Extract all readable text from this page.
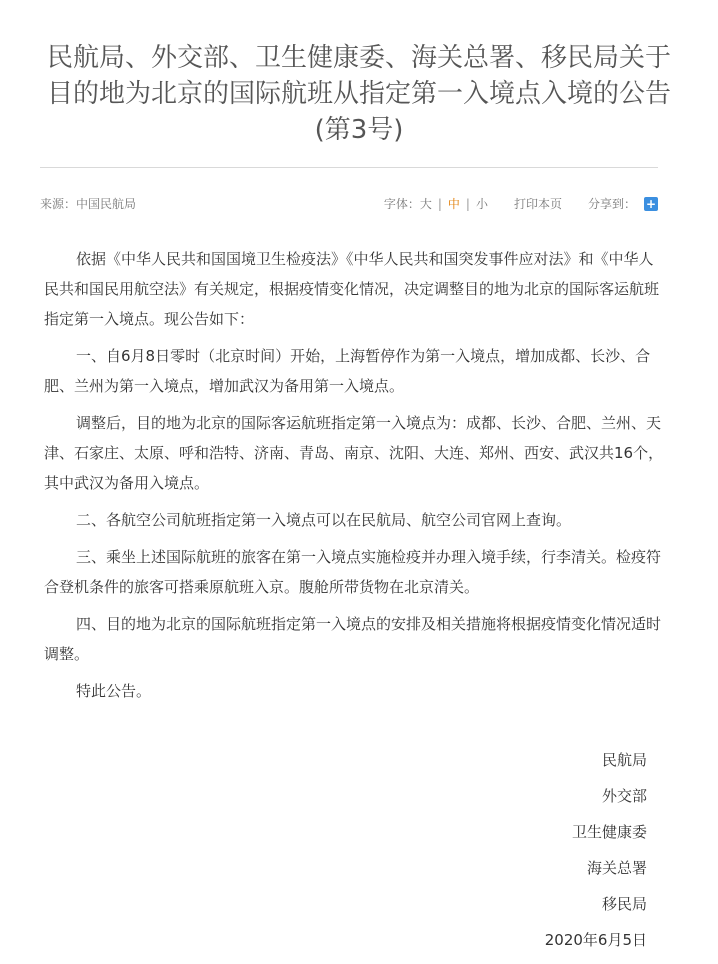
民航局、外交部、卫生健康委、海关总署、移民局关于目的地为北京的国际航班从指定第一入境点入境的公告(第3号)
来源：中国民航局	字体： 大 | 中 | 小 打印本页 分享到： +

依据《中华人民共和国国境卫生检疫法》《中华人民共和国突发事件应对法》和《中华人民共和国民用航空法》有关规定，根据疫情变化情况，决定调整目的地为北京的国际客运航班指定第一入境点。现公告如下：

一、自6月8日零时（北京时间）开始，上海暂停作为第一入境点，增加成都、长沙、合肥、兰州为第一入境点，增加武汉为备用第一入境点。

调整后，目的地为北京的国际客运航班指定第一入境点为：成都、长沙、合肥、兰州、天津、石家庄、太原、呼和浩特、济南、青岛、南京、沈阳、大连、郑州、西安、武汉共16个，其中武汉为备用入境点。

二、各航空公司航班指定第一入境点可以在民航局、航空公司官网上查询。

三、乘坐上述国际航班的旅客在第一入境点实施检疫并办理入境手续，行李清关。检疫符合登机条件的旅客可搭乘原航班入京。腹舱所带货物在北京清关。

四、目的地为北京的国际航班指定第一入境点的安排及相关措施将根据疫情变化情况适时调整。

特此公告。

民航局
外交部
卫生健康委
海关总署
移民局
2020年6月5日
